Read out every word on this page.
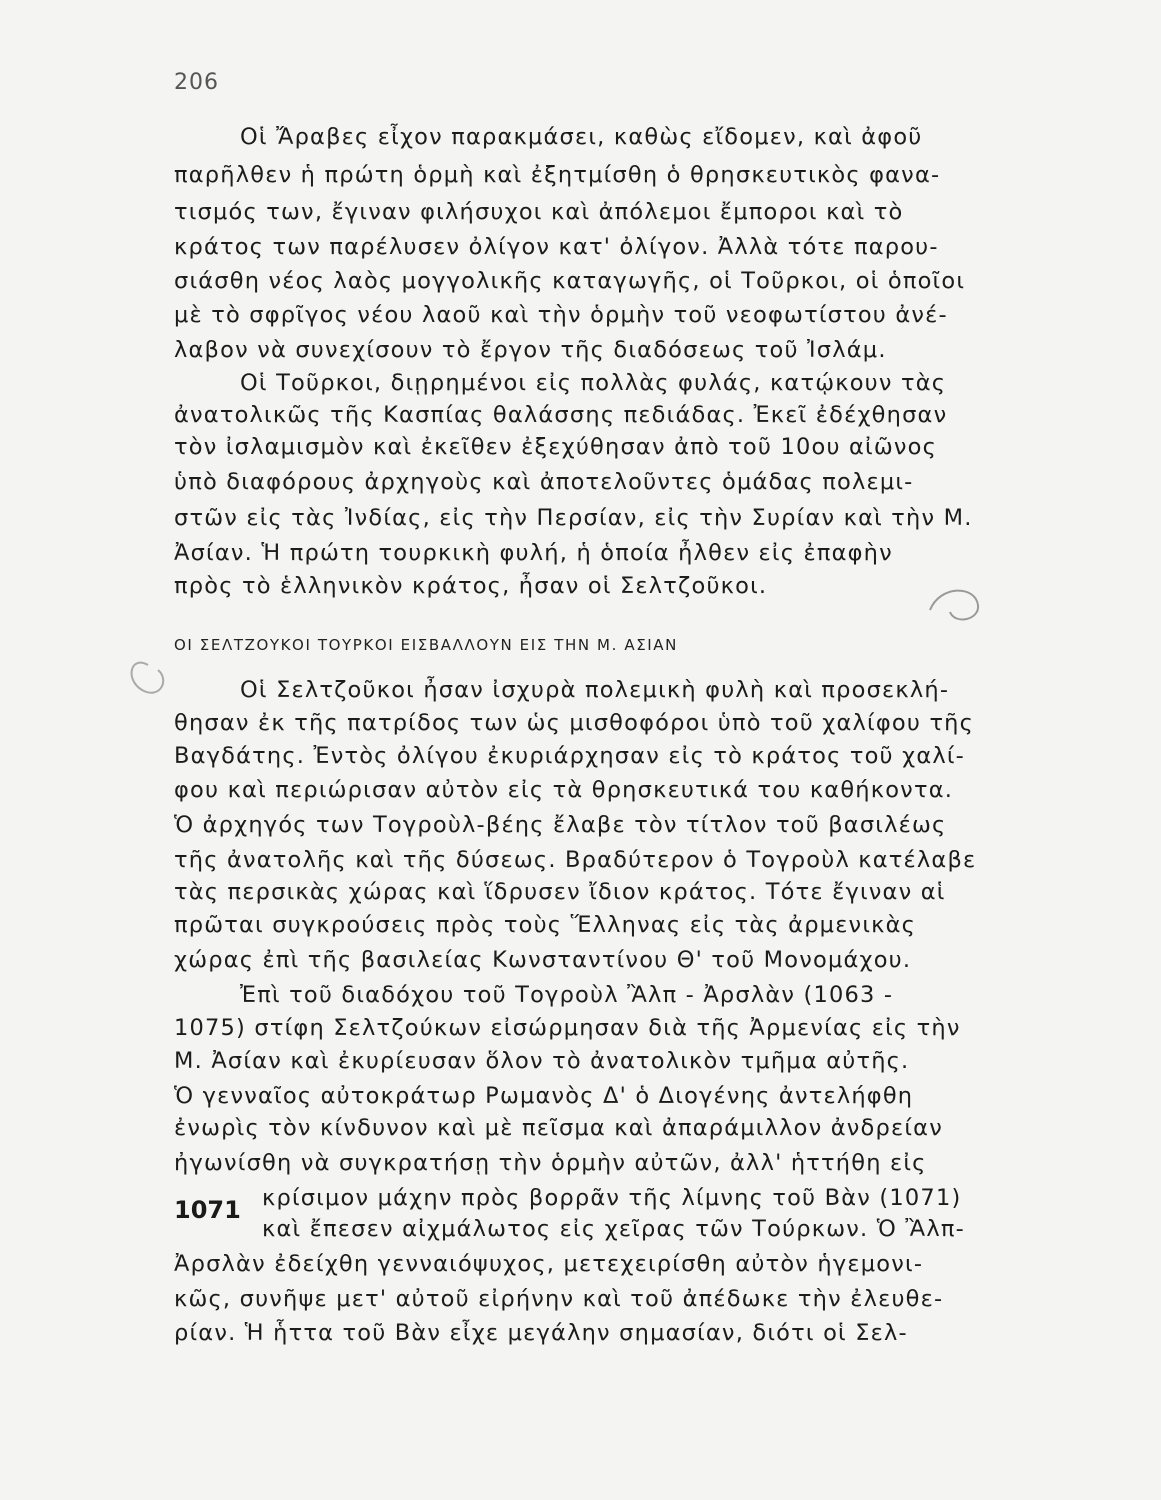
206
Οἱ Ἄραβες εἶχον παρακμάσει, καθὼς εἴδομεν, καὶ ἀφοῦ
παρῆλθεν ἡ πρώτη ὁρμὴ καὶ ἐξητμίσθη ὁ θρησκευτικὸς φανα-
τισμός των, ἔγιναν φιλήσυχοι καὶ ἀπόλεμοι ἔμποροι καὶ τὸ
κράτος των παρέλυσεν ὀλίγον κατ' ὀλίγον. Ἀλλὰ τότε παρου-
σιάσθη νέος λαὸς μογγολικῆς καταγωγῆς, οἱ Τοῦρκοι, οἱ ὁποῖοι
μὲ τὸ σφρῖγος νέου λαοῦ καὶ τὴν ὁρμὴν τοῦ νεοφωτίστου ἀνέ-
λαβον νὰ συνεχίσουν τὸ ἔργον τῆς διαδόσεως τοῦ Ἰσλάμ.
Οἱ Τοῦρκοι, διῃρημένοι εἰς πολλὰς φυλάς, κατῴκουν τὰς
ἀνατολικῶς τῆς Κασπίας θαλάσσης πεδιάδας. Ἐκεῖ ἐδέχθησαν
τὸν ἰσλαμισμὸν καὶ ἐκεῖθεν ἐξεχύθησαν ἀπὸ τοῦ 10ου αἰῶνος
ὑπὸ διαφόρους ἀρχηγοὺς καὶ ἀποτελοῦντες ὁμάδας πολεμι-
στῶν εἰς τὰς Ἰνδίας, εἰς τὴν Περσίαν, εἰς τὴν Συρίαν καὶ τὴν Μ.
Ἀσίαν. Ἡ πρώτη τουρκικὴ φυλή, ἡ ὁποία ἦλθεν εἰς ἐπαφὴν
πρὸς τὸ ἑλληνικὸν κράτος, ἦσαν οἱ Σελτζοῦκοι.
ΟΙ ΣΕΛΤΖΟΥΚΟΙ ΤΟΥΡΚΟΙ ΕΙΣΒΑΛΛΟΥΝ ΕΙΣ ΤΗΝ Μ. ΑΣΙΑΝ
Οἱ Σελτζοῦκοι ἦσαν ἰσχυρὰ πολεμικὴ φυλὴ καὶ προσεκλή-
θησαν ἐκ τῆς πατρίδος των ὡς μισθοφόροι ὑπὸ τοῦ χαλίφου τῆς
Βαγδάτης. Ἐντὸς ὀλίγου ἐκυριάρχησαν εἰς τὸ κράτος τοῦ χαλί-
φου καὶ περιώρισαν αὐτὸν εἰς τὰ θρησκευτικά του καθήκοντα.
Ὁ ἀρχηγός των Τογροὺλ-βέης ἔλαβε τὸν τίτλον τοῦ βασιλέως
τῆς ἀνατολῆς καὶ τῆς δύσεως. Βραδύτερον ὁ Τογροὺλ κατέλαβε
τὰς περσικὰς χώρας καὶ ἵδρυσεν ἴδιον κράτος. Τότε ἔγιναν αἱ
πρῶται συγκρούσεις πρὸς τοὺς Ἕλληνας εἰς τὰς ἀρμενικὰς
χώρας ἐπὶ τῆς βασιλείας Κωνσταντίνου Θ' τοῦ Μονομάχου.
Ἐπὶ τοῦ διαδόχου τοῦ Τογροὺλ Ἂλπ - Ἀρσλὰν (1063 -
1075) στίφη Σελτζούκων εἰσώρμησαν διὰ τῆς Ἀρμενίας εἰς τὴν
Μ. Ἀσίαν καὶ ἐκυρίευσαν ὅλον τὸ ἀνατολικὸν τμῆμα αὐτῆς.
Ὁ γενναῖος αὐτοκράτωρ Ρωμανὸς Δ' ὁ Διογένης ἀντελήφθη
ἐνωρὶς τὸν κίνδυνον καὶ μὲ πεῖσμα καὶ ἀπαράμιλλον ἀνδρείαν
ἠγωνίσθη νὰ συγκρατήσῃ τὴν ὁρμὴν αὐτῶν, ἀλλ' ἡττήθη εἰς
κρίσιμον μάχην πρὸς βορρᾶν τῆς λίμνης τοῦ Βὰν (1071)
καὶ ἔπεσεν αἰχμάλωτος εἰς χεῖρας τῶν Τούρκων. Ὁ Ἂλπ-
Ἀρσλὰν ἐδείχθη γενναιόψυχος, μετεχειρίσθη αὐτὸν ἡγεμονι-
κῶς, συνῆψε μετ' αὐτοῦ εἰρήνην καὶ τοῦ ἀπέδωκε τὴν ἐλευθε-
ρίαν. Ἡ ἧττα τοῦ Βὰν εἶχε μεγάλην σημασίαν, διότι οἱ Σελ-
1071
